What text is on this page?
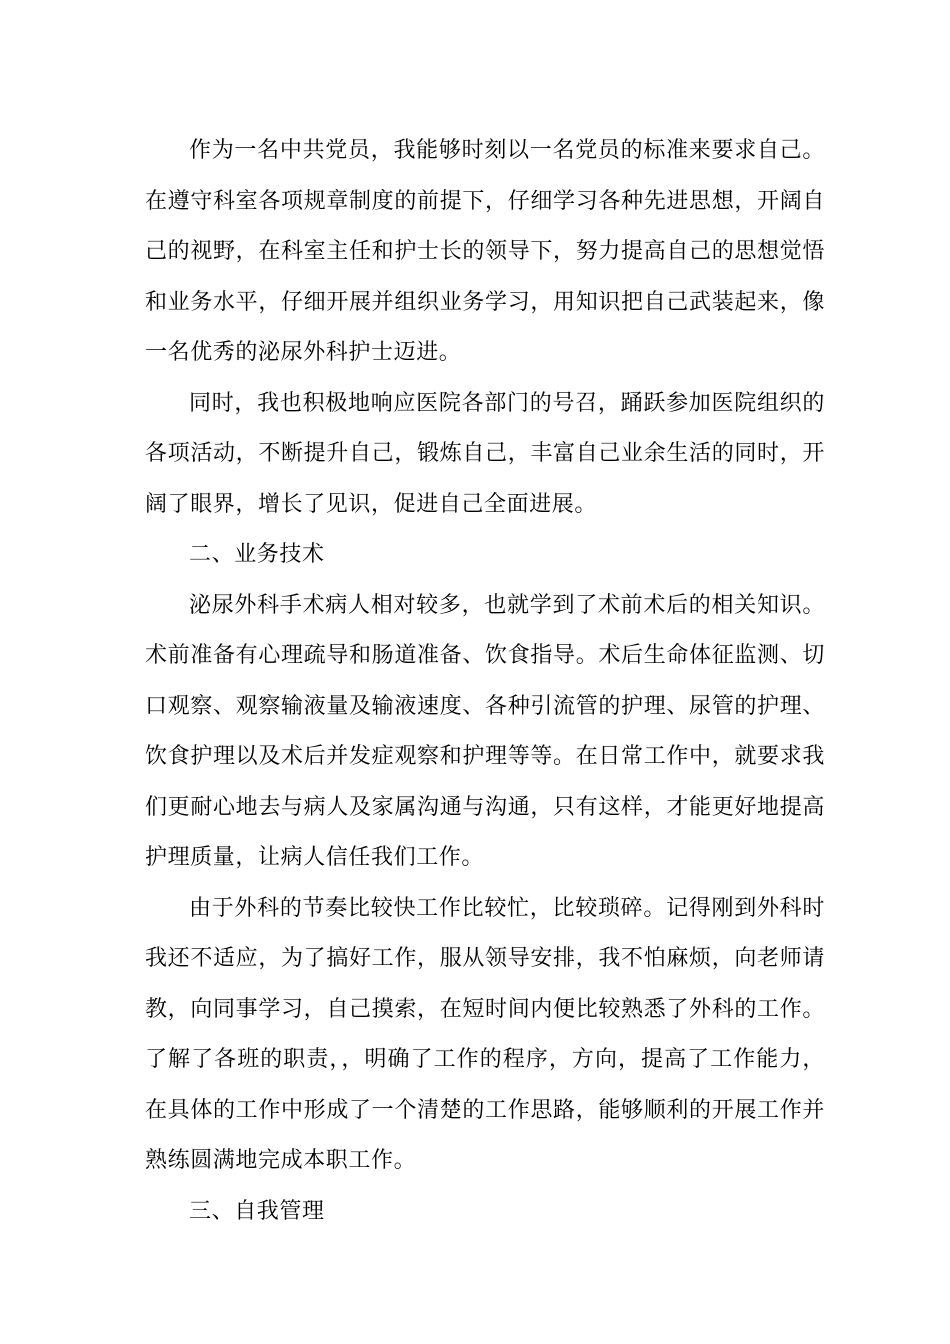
作为一名中共党员，我能够时刻以一名党员的标准来要求自己。在遵守科室各项规章制度的前提下，仔细学习各种先进思想，开阔自己的视野，在科室主任和护士长的领导下，努力提高自己的思想觉悟和业务水平，仔细开展并组织业务学习，用知识把自己武装起来，像一名优秀的泌尿外科护士迈进。

同时，我也积极地响应医院各部门的号召，踊跃参加医院组织的各项活动，不断提升自己，锻炼自己，丰富自己业余生活的同时，开阔了眼界，增长了见识，促进自己全面进展。

二、业务技术

泌尿外科手术病人相对较多，也就学到了术前术后的相关知识。术前准备有心理疏导和肠道准备、饮食指导。术后生命体征监测、切口观察、观察输液量及输液速度、各种引流管的护理、尿管的护理、饮食护理以及术后并发症观察和护理等等。在日常工作中，就要求我们更耐心地去与病人及家属沟通与沟通，只有这样，才能更好地提高护理质量，让病人信任我们工作。

由于外科的节奏比较快工作比较忙，比较琐碎。记得刚到外科时我还不适应，为了搞好工作，服从领导安排，我不怕麻烦，向老师请教，向同事学习，自己摸索，在短时间内便比较熟悉了外科的工作。了解了各班的职责，，明确了工作的程序，方向，提高了工作能力，在具体的工作中形成了一个清楚的工作思路，能够顺利的开展工作并熟练圆满地完成本职工作。

三、自我管理
